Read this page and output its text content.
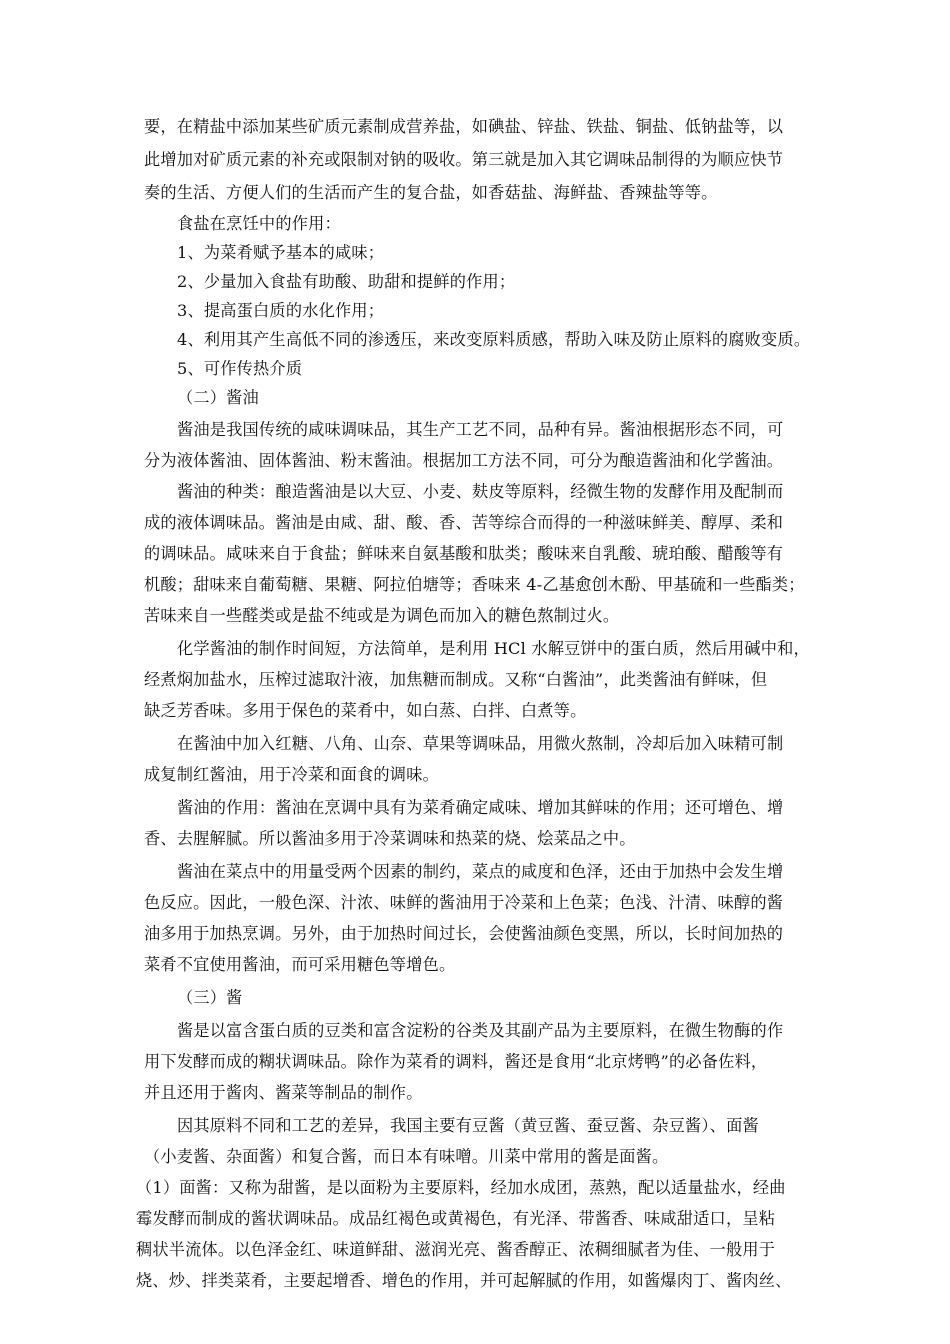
要，在精盐中添加某些矿质元素制成营养盐，如碘盐、锌盐、铁盐、铜盐、低钠盐等，以
此增加对矿质元素的补充或限制对钠的吸收。第三就是加入其它调味品制得的为顺应快节
奏的生活、方便人们的生活而产生的复合盐，如香菇盐、海鲜盐、香辣盐等等。
食盐在烹饪中的作用：
1、为菜肴赋予基本的咸味；
2、少量加入食盐有助酸、助甜和提鲜的作用；
3、提高蛋白质的水化作用；
4、利用其产生高低不同的渗透压，来改变原料质感，帮助入味及防止原料的腐败变质。
5、可作传热介质
（二）酱油
酱油是我国传统的咸味调味品，其生产工艺不同，品种有异。酱油根据形态不同，可
分为液体酱油、固体酱油、粉末酱油。根据加工方法不同，可分为酿造酱油和化学酱油。
酱油的种类：酿造酱油是以大豆、小麦、麸皮等原料，经微生物的发酵作用及配制而
成的液体调味品。酱油是由咸、甜、酸、香、苦等综合而得的一种滋味鲜美、醇厚、柔和
的调味品。咸味来自于食盐；鲜味来自氨基酸和肽类；酸味来自乳酸、琥珀酸、醋酸等有
机酸；甜味来自葡萄糖、果糖、阿拉伯塘等；香味来 4-乙基愈创木酚、甲基硫和一些酯类；
苦味来自一些醛类或是盐不纯或是为调色而加入的糖色熬制过火。
化学酱油的制作时间短，方法简单，是利用 HCl 水解豆饼中的蛋白质，然后用碱中和，
经煮焖加盐水，压榨过滤取汁液，加焦糖而制成。又称“白酱油”，此类酱油有鲜味，但
缺乏芳香味。多用于保色的菜肴中，如白蒸、白拌、白煮等。
在酱油中加入红糖、八角、山奈、草果等调味品，用微火熬制，冷却后加入味精可制
成复制红酱油，用于冷菜和面食的调味。
酱油的作用：酱油在烹调中具有为菜肴确定咸味、增加其鲜味的作用；还可增色、增
香、去腥解腻。所以酱油多用于冷菜调味和热菜的烧、烩菜品之中。
酱油在菜点中的用量受两个因素的制约，菜点的咸度和色泽，还由于加热中会发生增
色反应。因此，一般色深、汁浓、味鲜的酱油用于冷菜和上色菜；色浅、汁清、味醇的酱
油多用于加热烹调。另外，由于加热时间过长，会使酱油颜色变黑，所以，长时间加热的
菜肴不宜使用酱油，而可采用糖色等增色。
（三）酱
酱是以富含蛋白质的豆类和富含淀粉的谷类及其副产品为主要原料，在微生物酶的作
用下发酵而成的糊状调味品。除作为菜肴的调料，酱还是食用“北京烤鸭”的必备佐料，
并且还用于酱肉、酱菜等制品的制作。
因其原料不同和工艺的差异，我国主要有豆酱（黄豆酱、蚕豆酱、杂豆酱）、面酱
（小麦酱、杂面酱）和复合酱，而日本有味噌。川菜中常用的酱是面酱。
（1）面酱：又称为甜酱，是以面粉为主要原料，经加水成团，蒸熟，配以适量盐水，经曲
霉发酵而制成的酱状调味品。成品红褐色或黄褐色，有光泽、带酱香、味咸甜适口，呈粘
稠状半流体。以色泽金红、味道鲜甜、滋润光亮、酱香醇正、浓稠细腻者为佳、一般用于
烧、炒、拌类菜肴，主要起增香、增色的作用，并可起解腻的作用，如酱爆肉丁、酱肉丝、
